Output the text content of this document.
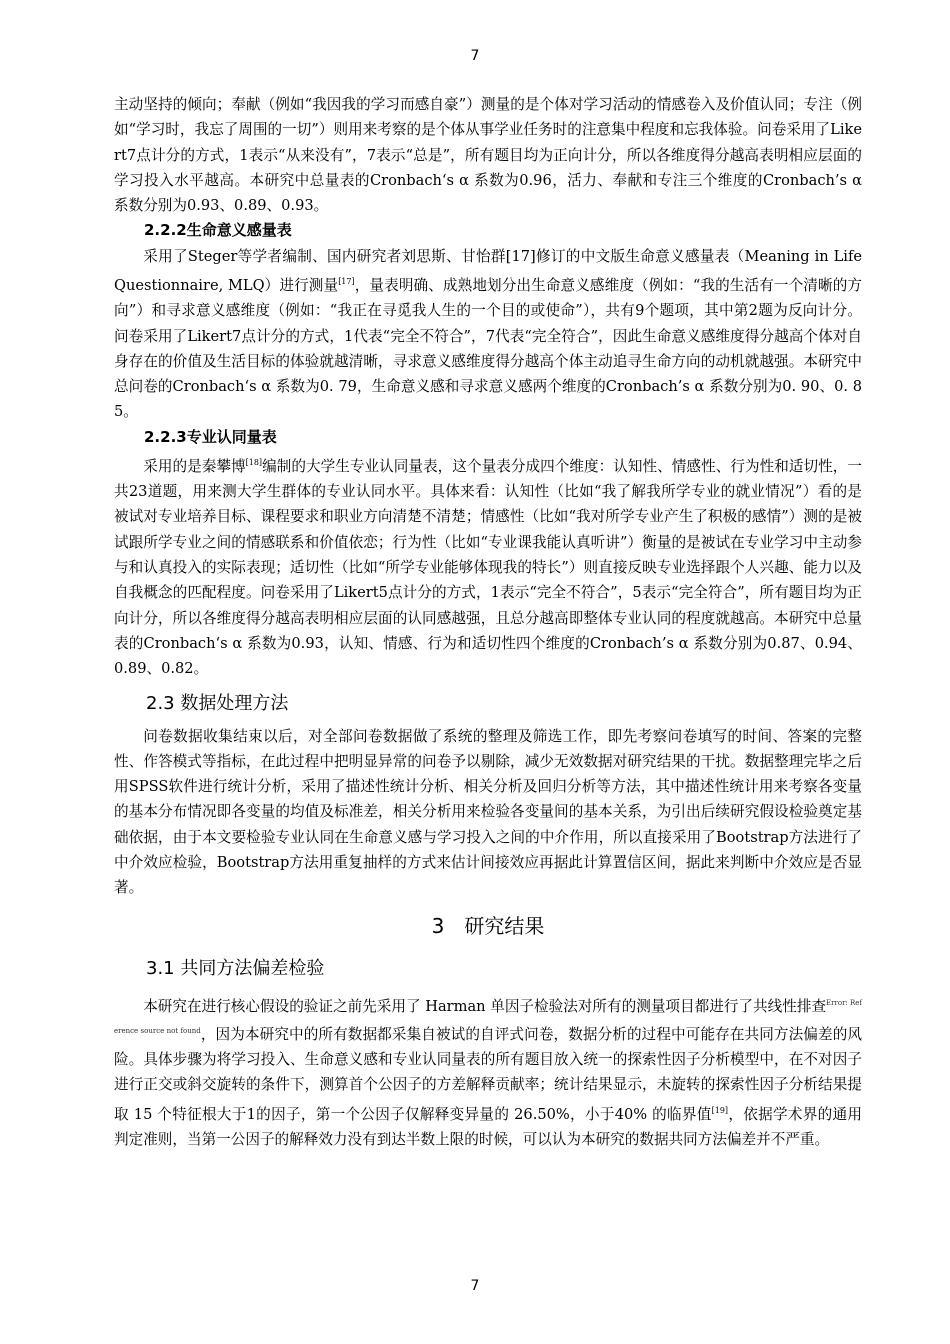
7

主动坚持的倾向；奉献（例如“我因我的学习而感自豪”）测量的是个体对学习活动的情感卷入及价值认同；专注（例如“学习时，我忘了周围的一切”）则用来考察的是个体从事学业任务时的注意集中程度和忘我体验。问卷采用了Likert7点计分的方式，1表示“从来没有”，7表示“总是”，所有题目均为正向计分，所以各维度得分越高表明相应层面的学习投入水平越高。本研究中总量表的Cronbach‘s α 系数为0.96，活力、奉献和专注三个维度的Cronbach’s α 系数分别为0.93、0.89、0.93。

2.2.2生命意义感量表

采用了Steger等学者编制、国内研究者刘思斯、甘怡群[17]修订的中文版生命意义感量表（Meaning in Life Questionnaire, MLQ）进行测量[17]，量表明确、成熟地划分出生命意义感维度（例如：“我的生活有一个清晰的方向”）和寻求意义感维度（例如：“我正在寻觅我人生的一个目的或使命”），共有9个题项，其中第2题为反向计分。问卷采用了Likert7点计分的方式，1代表“完全不符合”，7代表“完全符合”，因此生命意义感维度得分越高个体对自身存在的价值及生活目标的体验就越清晰，寻求意义感维度得分越高个体主动追寻生命方向的动机就越强。本研究中总问卷的Cronbach‘s α 系数为0. 79，生命意义感和寻求意义感两个维度的Cronbach’s α 系数分别为0. 90、0. 85。

2.2.3专业认同量表

采用的是秦攀博[18]编制的大学生专业认同量表，这个量表分成四个维度：认知性、情感性、行为性和适切性，一共23道题，用来测大学生群体的专业认同水平。具体来看：认知性（比如“我了解我所学专业的就业情况”）看的是被试对专业培养目标、课程要求和职业方向清楚不清楚；情感性（比如“我对所学专业产生了积极的感情”）测的是被试跟所学专业之间的情感联系和价值依恋；行为性（比如“专业课我能认真听讲”）衡量的是被试在专业学习中主动参与和认真投入的实际表现；适切性（比如“所学专业能够体现我的特长”）则直接反映专业选择跟个人兴趣、能力以及自我概念的匹配程度。问卷采用了Likert5点计分的方式，1表示“完全不符合”，5表示“完全符合”，所有题目均为正向计分，所以各维度得分越高表明相应层面的认同感越强，且总分越高即整体专业认同的程度就越高。本研究中总量表的Cronbach‘s α 系数为0.93，认知、情感、行为和适切性四个维度的Cronbach’s α 系数分别为0.87、0.94、0.89、0.82。

2.3 数据处理方法

问卷数据收集结束以后，对全部问卷数据做了系统的整理及筛选工作，即先考察问卷填写的时间、答案的完整性、作答模式等指标，在此过程中把明显异常的问卷予以剔除，减少无效数据对研究结果的干扰。数据整理完毕之后用SPSS软件进行统计分析，采用了描述性统计分析、相关分析及回归分析等方法，其中描述性统计用来考察各变量的基本分布情况即各变量的均值及标准差，相关分析用来检验各变量间的基本关系，为引出后续研究假设检验奠定基础依据，由于本文要检验专业认同在生命意义感与学习投入之间的中介作用，所以直接采用了Bootstrap方法进行了中介效应检验，Bootstrap方法用重复抽样的方式来估计间接效应再据此计算置信区间，据此来判断中介效应是否显著。

3　研究结果
3.1 共同方法偏差检验

本研究在进行核心假设的验证之前先采用了 Harman 单因子检验法对所有的测量项目都进行了共线性排查$^{Error: Reference source not found}$，因为本研究中的所有数据都采集自被试的自评式问卷，数据分析的过程中可能存在共同方法偏差的风险。具体步骤为将学习投入、生命意义感和专业认同量表的所有题目放入统一的探索性因子分析模型中，在不对因子进行正交或斜交旋转的条件下，测算首个公因子的方差解释贡献率；统计结果显示，未旋转的探索性因子分析结果提取 15 个特征根大于1的因子，第一个公因子仅解释变异量的 26.50%，小于40% 的临界值[19]，依据学术界的通用判定准则，当第一公因子的解释效力没有到达半数上限的时候，可以认为本研究的数据共同方法偏差并不严重。

7
